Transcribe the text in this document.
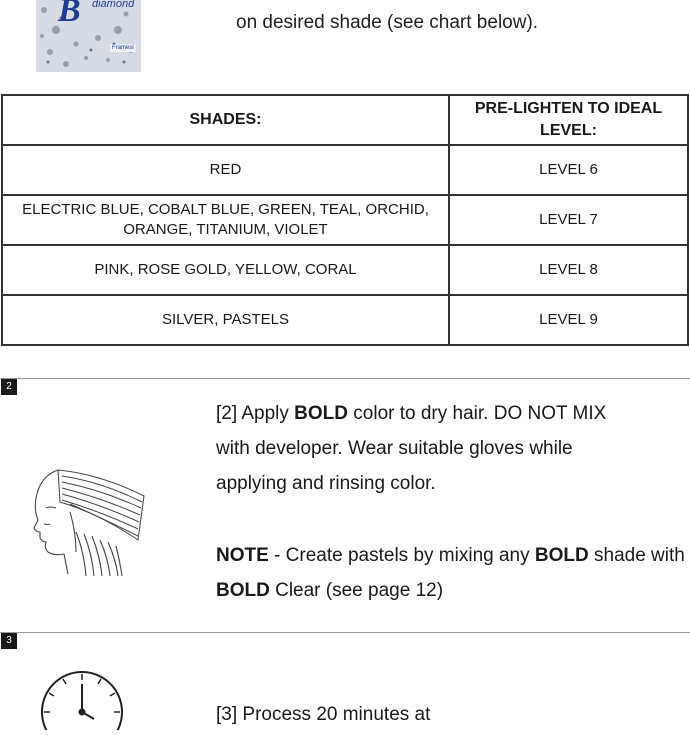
B diamond
Framesi
on desired shade (see chart below).
SHADES:	PRE-LIGHTEN TO IDEAL LEVEL:
RED	LEVEL 6
ELECTRIC BLUE, COBALT BLUE, GREEN, TEAL, ORCHID, ORANGE, TITANIUM, VIOLET	LEVEL 7
PINK, ROSE GOLD, YELLOW, CORAL	LEVEL 8
SILVER, PASTELS	LEVEL 9
2
[2] Apply BOLD color to dry hair. DO NOT MIX
with developer. Wear suitable gloves while
applying and rinsing color.
NOTE - Create pastels by mixing any BOLD shade with
BOLD Clear (see page 12)
3
[3] Process 20 minutes at
